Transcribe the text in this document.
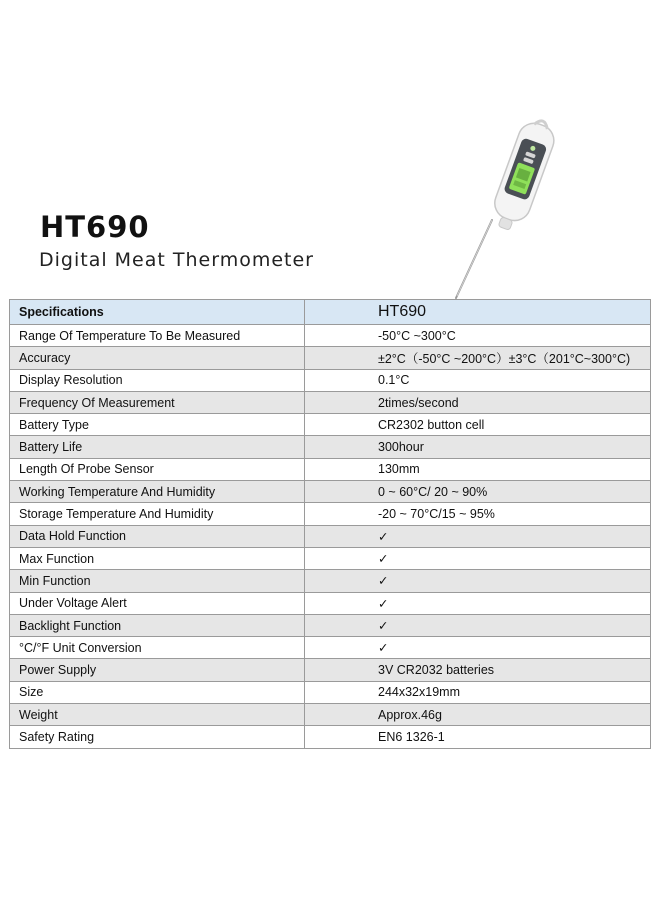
HT690
Digital Meat Thermometer
Specifications	HT690
Range Of Temperature To Be Measured	-50°C ~300°C
Accuracy	±2°C（-50°C ~200°C）±3°C（201°C~300°C)
Display Resolution	0.1°C
Frequency Of Measurement	2times/second
Battery Type	CR2302 button cell
Battery Life	300hour
Length Of Probe Sensor	130mm
Working Temperature And Humidity	0 ~ 60°C/ 20 ~ 90%
Storage Temperature And Humidity	-20 ~ 70°C/15 ~ 95%
Data Hold Function	✓
Max Function	✓
Min Function	✓
Under Voltage Alert	✓
Backlight Function	✓
°C/°F Unit Conversion	✓
Power Supply	3V CR2032 batteries
Size	244x32x19mm
Weight	Approx.46g
Safety Rating	EN6 1326-1
